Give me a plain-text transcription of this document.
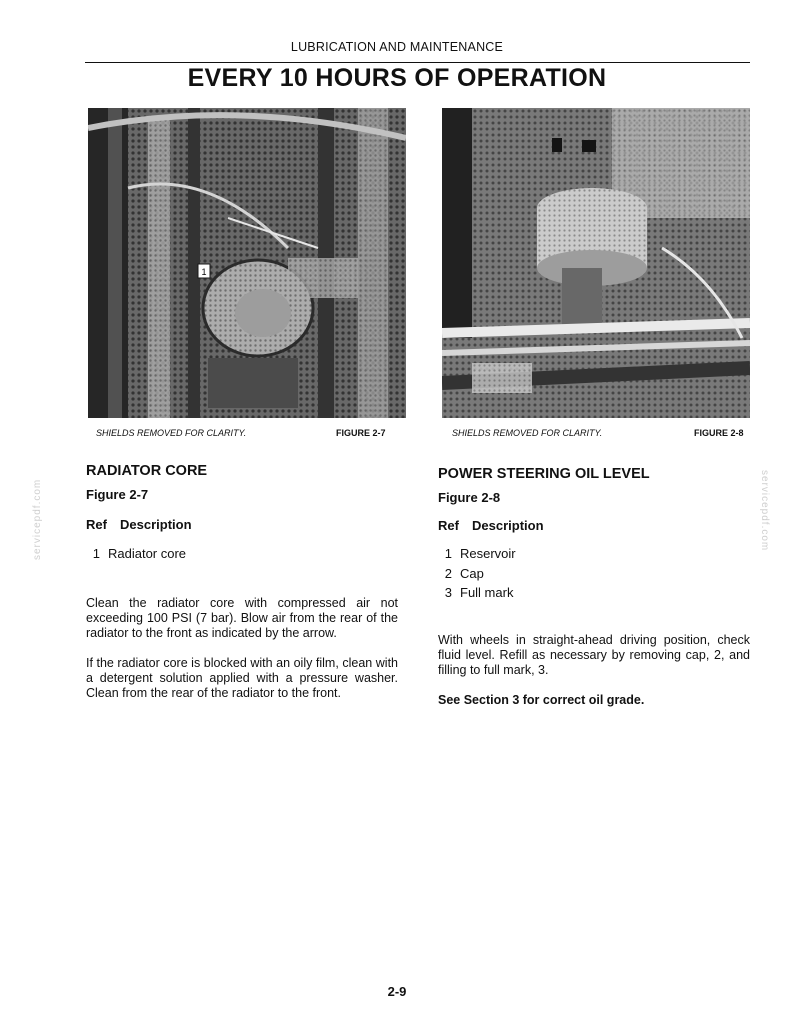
LUBRICATION AND MAINTENANCE
EVERY 10 HOURS OF OPERATION
1
SHIELDS REMOVED FOR CLARITY.	FIGURE 2-7	SHIELDS REMOVED FOR CLARITY.	FIGURE 2-8
RADIATOR CORE
Figure 2-7
Ref Description
1 Radiator core
Clean the radiator core with compressed air not exceeding 100 PSI (7 bar). Blow air from the rear of the radiator to the front as indicated by the arrow.
If the radiator core is blocked with an oily film, clean with a detergent solution applied with a pressure washer. Clean from the rear of the radiator to the front.
POWER STEERING OIL LEVEL
Figure 2-8
Ref Description
1 Reservoir
2 Cap
3 Full mark
With wheels in straight-ahead driving position, check fluid level. Refill as necessary by removing cap, 2, and filling to full mark, 3.
See Section 3 for correct oil grade.
servicepdf.com	servicepdf.com
2-9
